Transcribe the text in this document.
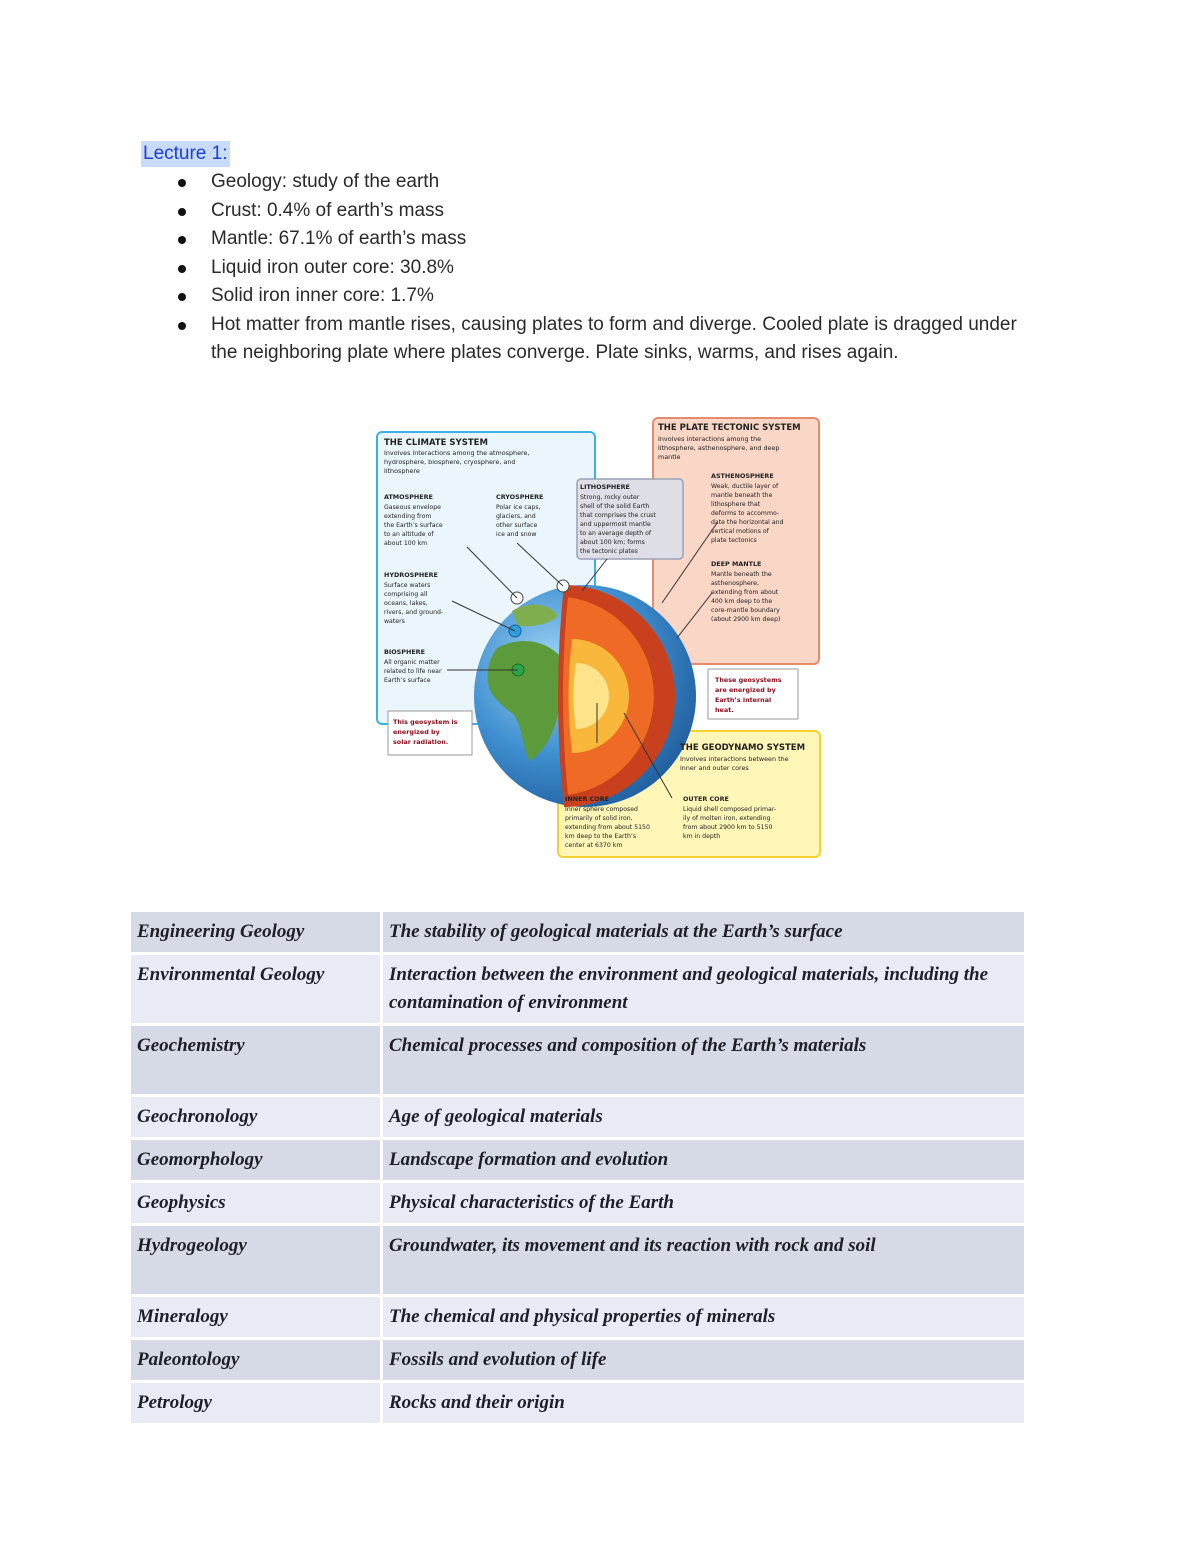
Lecture 1:
Geology: study of the earth
Crust: 0.4% of earth’s mass
Mantle: 67.1% of earth’s mass
Liquid iron outer core: 30.8%
Solid iron inner core: 1.7%
Hot matter from mantle rises, causing plates to form and diverge. Cooled plate is dragged under the neighboring plate where plates converge. Plate sinks, warms, and rises again.
THE CLIMATE SYSTEM
Involves interactions among the atmosphere,
hydrosphere, biosphere, cryosphere, and
lithosphere
ATMOSPHERE
Gaseous envelope
extending from
the Earth’s surface
to an altitude of
about 100 km
CRYOSPHERE
Polar ice caps,
glaciers, and
other surface
ice and snow
HYDROSPHERE
Surface waters
comprising all
oceans, lakes,
rivers, and ground-
waters
BIOSPHERE
All organic matter
related to life near
Earth’s surface
This geosystem is
energized by
solar radiation.
THE PLATE TECTONIC SYSTEM
Involves interactions among the
lithosphere, asthenosphere, and deep
mantle
LITHOSPHERE
Strong, rocky outer
shell of the solid Earth
that comprises the crust
and uppermost mantle
to an average depth of
about 100 km; forms
the tectonic plates
ASTHENOSPHERE
Weak, ductile layer of
mantle beneath the
lithosphere that
deforms to accommo-
date the horizontal and
vertical motions of
plate tectonics
DEEP MANTLE
Mantle beneath the
asthenosphere,
extending from about
400 km deep to the
core-mantle boundary
(about 2900 km deep)
These geosystems
are energized by
Earth’s internal
heat.
THE GEODYNAMO SYSTEM
Involves interactions between the
inner and outer cores
INNER CORE
Inner sphere composed
primarily of solid iron,
extending from about 5150
km deep to the Earth’s
center at 6370 km
OUTER CORE
Liquid shell composed primar-
ily of molten iron, extending
from about 2900 km to 5150
km in depth
Engineering Geology	The stability of geological materials at the Earth’s surface
Environmental Geology	Interaction between the environment and geological materials, including the contamination of environment
Geochemistry	Chemical processes and composition of the Earth’s materials
Geochronology	Age of geological materials
Geomorphology	Landscape formation and evolution
Geophysics	Physical characteristics of the Earth
Hydrogeology	Groundwater, its movement and its reaction with rock and soil
Mineralogy	The chemical and physical properties of minerals
Paleontology	Fossils and evolution of life
Petrology	Rocks and their origin
